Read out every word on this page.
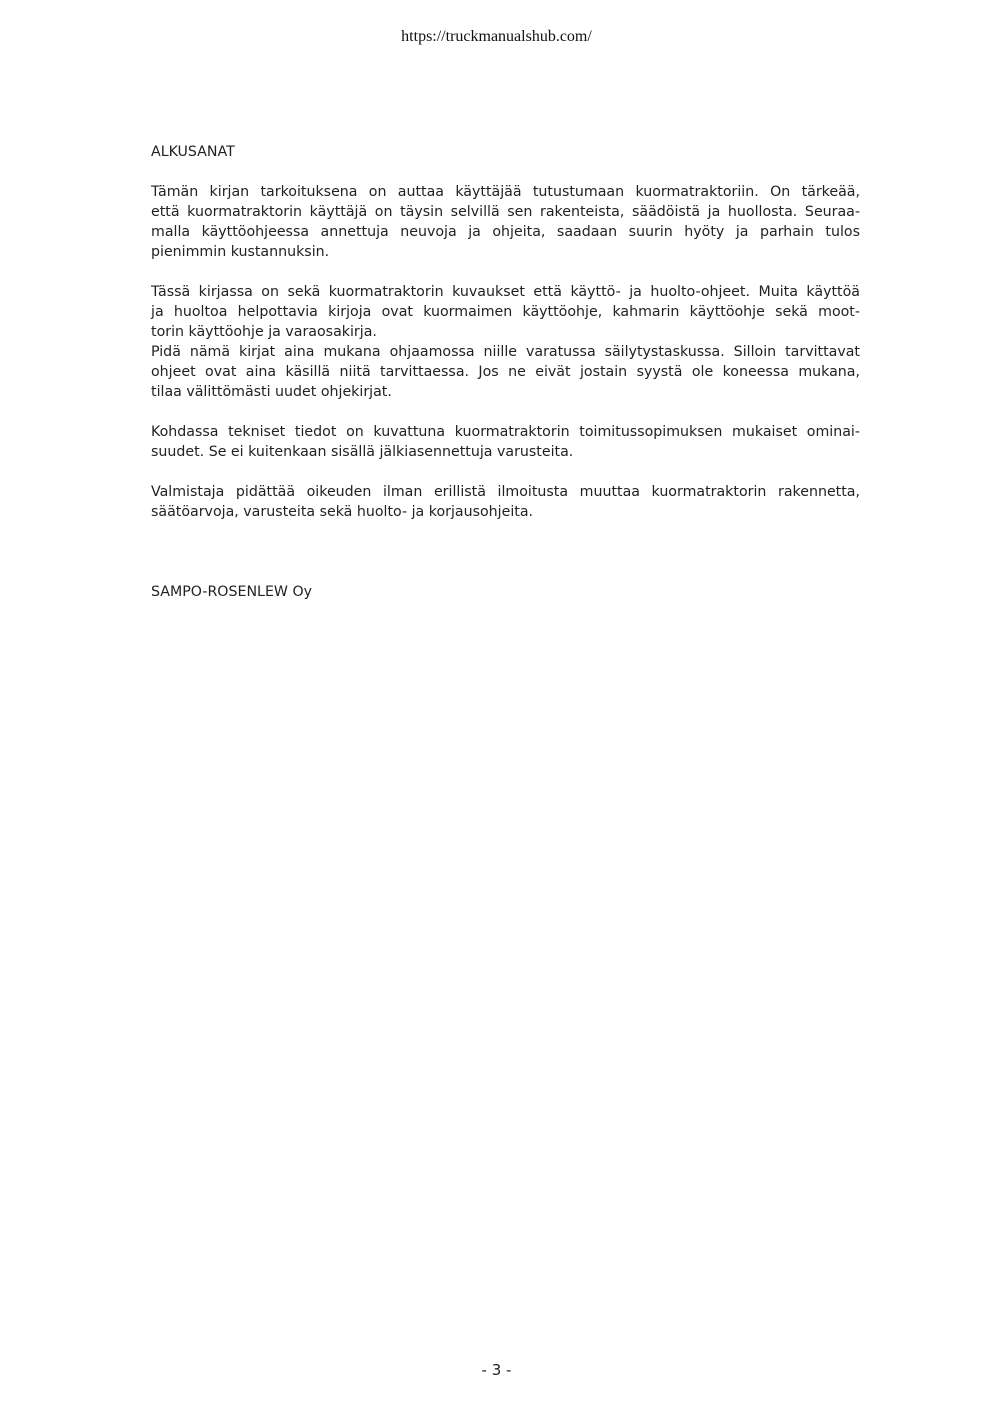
https://truckmanualshub.com/
ALKUSANAT
Tämän kirjan tarkoituksena on auttaa käyttäjää tutustumaan kuormatraktoriin. On tärkeää,
että kuormatraktorin käyttäjä on täysin selvillä sen rakenteista, säädöistä ja huollosta. Seuraa-
malla käyttöohjeessa annettuja neuvoja ja ohjeita, saadaan suurin hyöty ja parhain tulos
pienimmin kustannuksin.
Tässä kirjassa on sekä kuormatraktorin kuvaukset että käyttö- ja huolto-ohjeet. Muita käyttöä
ja huoltoa helpottavia kirjoja ovat kuormaimen käyttöohje, kahmarin käyttöohje sekä moot-
torin käyttöohje ja varaosakirja.
Pidä nämä kirjat aina mukana ohjaamossa niille varatussa säilytystaskussa. Silloin tarvittavat
ohjeet ovat aina käsillä niitä tarvittaessa. Jos ne eivät jostain syystä ole koneessa mukana,
tilaa välittömästi uudet ohjekirjat.
Kohdassa tekniset tiedot on kuvattuna kuormatraktorin toimitussopimuksen mukaiset ominai-
suudet. Se ei kuitenkaan sisällä jälkiasennettuja varusteita.
Valmistaja pidättää oikeuden ilman erillistä ilmoitusta muuttaa kuormatraktorin rakennetta,
säätöarvoja, varusteita sekä huolto- ja korjausohjeita.
SAMPO-ROSENLEW Oy
- 3 -
